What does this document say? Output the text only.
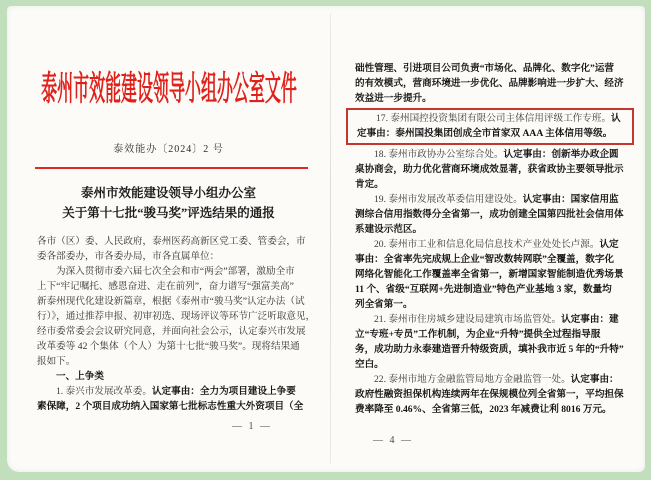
泰州市效能建设领导小组办公室文件
泰效能办〔2024〕2 号
泰州市效能建设领导小组办公室
关于第十七批“骏马奖”评选结果的通报
各市（区）委、人民政府，泰州医药高新区党工委、管委会，市
委各部委办，市各委办局，市各直属单位：
为深入贯彻市委六届七次全会和市“两会”部署，激励全市
上下“牢记嘱托、感恩奋进、走在前列”，奋力谱写“强富美高”
新泰州现代化建设新篇章，根据《泰州市“骏马奖”认定办法（试
行）》，通过推荐申报、初审初选、现场评议等环节广泛听取意见，
经市委常委会会议研究同意，并面向社会公示，认定泰兴市发展
改革委等 42 个集体（个人）为第十七批“骏马奖”。现将结果通
报如下。
一、上争类
1. 泰兴市发展改革委。认定事由：全力为项目建设上争要
素保障，2 个项目成功纳入国家第七批标志性重大外资项目（全
— 1 —
础性管理、引进项目公司负责“市场化、品牌化、数字化”运营
的有效模式，营商环境进一步优化、品牌影响进一步扩大、经济
效益进一步提升。
17. 泰州国控投资集团有限公司主体信用评级工作专班。认
定事由：泰州国投集团创成全市首家双 AAA 主体信用等级。
18. 泰州市政协办公室综合处。认定事由：创新举办政企圆
桌协商会，助力优化营商环境成效显著，获省政协主要领导批示
肯定。
19. 泰州市发展改革委信用建设处。认定事由：国家信用监
测综合信用指数得分全省第一，成功创建全国第四批社会信用体
系建设示范区。
20. 泰州市工业和信息化局信息技术产业处处长卢源。认定
事由：全省率先完成规上企业“智改数转网联”全覆盖，数字化
网络化智能化工作覆盖率全省第一，新增国家智能制造优秀场景
11 个、省级“互联网+先进制造业”特色产业基地 3 家，数量均
列全省第一。
21. 泰州市住房城乡建设局建筑市场监管处。认定事由：建
立“专班+专员”工作机制，为企业“升特”提供全过程指导服
务，成功助力永泰建造晋升特级资质，填补我市近 5 年的“升特”
空白。
22. 泰州市地方金融监管局地方金融监管一处。认定事由：
政府性融资担保机构连续两年在保规模位列全省第一，平均担保
费率降至 0.46%、全省第三低，2023 年减费让利 8016 万元。
— 4 —
